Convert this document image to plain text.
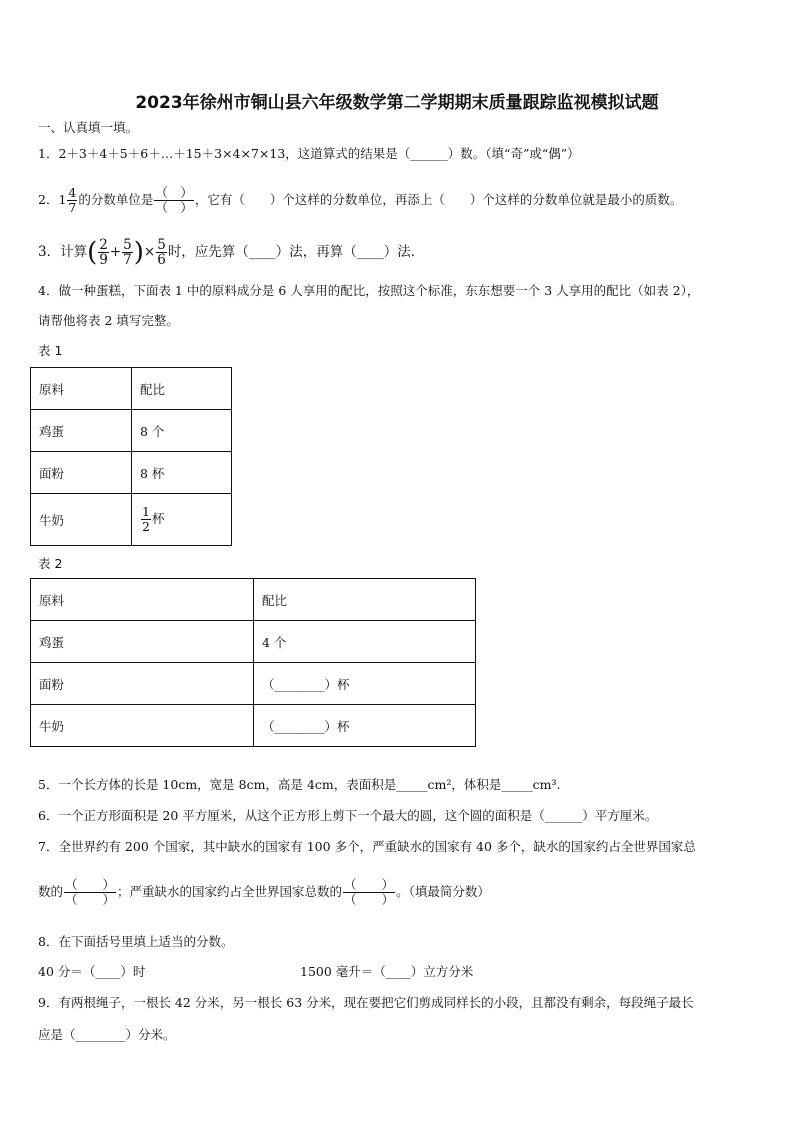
2023年徐州市铜山县六年级数学第二学期期末质量跟踪监视模拟试题
一、认真填一填。
1．2＋3＋4＋5＋6＋…＋15＋3×4×7×13，这道算式的结果是（______）数。（填“奇”或“偶”）
2．$1 \frac{4}{7}$ 的分数单位是 $\frac{( )}{( )}$ ，它有（　　）个这样的分数单位，再添上（　　）个这样的分数单位就是最小的质数。
3．计算( $\frac{2}{9} + \frac{5}{7}$ )× $\frac{5}{6}$ 时，应先算（____）法，再算（____）法．
4．做一种蛋糕，下面表 1 中的原料成分是 6 人享用的配比，按照这个标准，东东想要一个 3 人享用的配比（如表 2），
请帮他将表 2 填写完整。
表 1
原料	配比
鸡蛋	8 个
面粉	8 杯
牛奶	$\frac{1}{2}$ 杯
表 2
原料	配比
鸡蛋	4 个
面粉	（________）杯
牛奶	（________）杯
5．一个长方体的长是 10cm，宽是 8cm，高是 4cm，表面积是_____cm²，体积是_____cm³.
6．一个正方形面积是 20 平方厘米，从这个正方形上剪下一个最大的圆，这个圆的面积是（______）平方厘米。
7．全世界约有 200 个国家，其中缺水的国家有 100 多个，严重缺水的国家有 40 多个，缺水的国家约占全世界国家总
数的 $\frac{( )}{( )}$ ；严重缺水的国家约占全世界国家总数的 $\frac{( )}{( )}$ 。（填最简分数）
8．在下面括号里填上适当的分数。
40 分＝（____）时	1500 毫升＝（____）立方分米
9．有两根绳子，一根长 42 分米，另一根长 63 分米，现在要把它们剪成同样长的小段，且都没有剩余，每段绳子最长
应是（________）分米。
